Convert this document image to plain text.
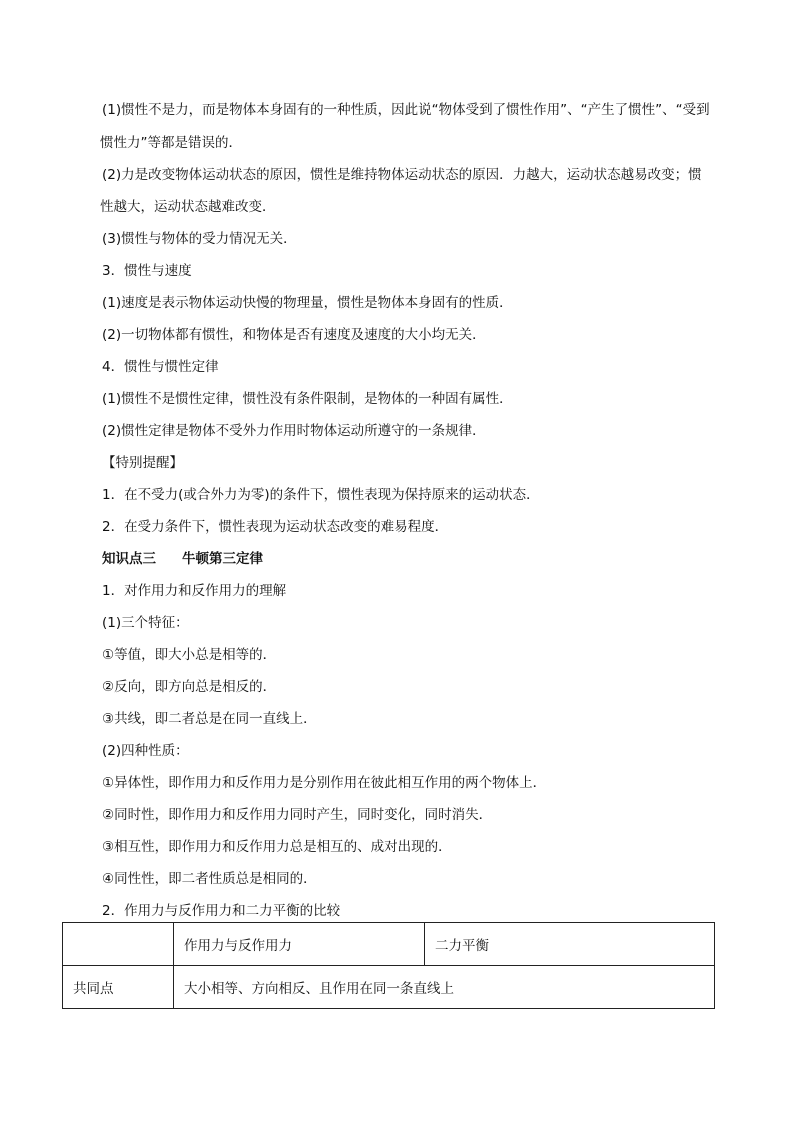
(1)惯性不是力，而是物体本身固有的一种性质，因此说“物体受到了惯性作用”、“产生了惯性”、“受到
惯性力”等都是错误的．
(2)力是改变物体运动状态的原因，惯性是维持物体运动状态的原因．力越大，运动状态越易改变；惯
性越大，运动状态越难改变．
(3)惯性与物体的受力情况无关．
3．惯性与速度
(1)速度是表示物体运动快慢的物理量，惯性是物体本身固有的性质．
(2)一切物体都有惯性，和物体是否有速度及速度的大小均无关．
4．惯性与惯性定律
(1)惯性不是惯性定律，惯性没有条件限制，是物体的一种固有属性．
(2)惯性定律是物体不受外力作用时物体运动所遵守的一条规律．
【特别提醒】
1．在不受力(或合外力为零)的条件下，惯性表现为保持原来的运动状态．
2．在受力条件下，惯性表现为运动状态改变的难易程度．
知识点三 牛顿第三定律
1．对作用力和反作用力的理解
(1)三个特征：
①等值，即大小总是相等的．
②反向，即方向总是相反的．
③共线，即二者总是在同一直线上．
(2)四种性质：
①异体性，即作用力和反作用力是分别作用在彼此相互作用的两个物体上．
②同时性，即作用力和反作用力同时产生，同时变化，同时消失．
③相互性，即作用力和反作用力总是相互的、成对出现的．
④同性性，即二者性质总是相同的．
2．作用力与反作用力和二力平衡的比较
	作用力与反作用力	二力平衡
共同点	大小相等、方向相反、且作用在同一条直线上	
